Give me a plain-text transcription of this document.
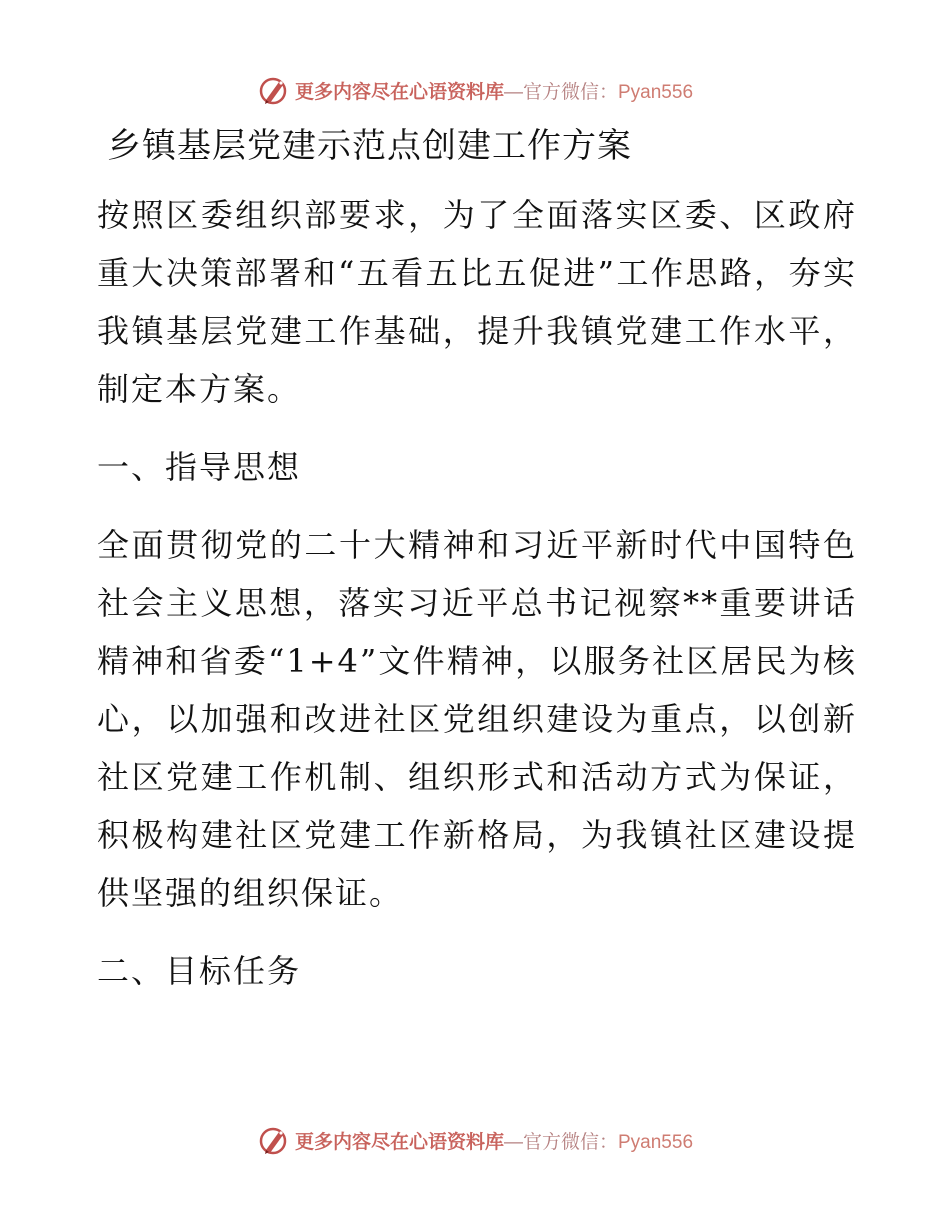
更多内容尽在心语资料库—官方微信：Pyan556
乡镇基层党建示范点创建工作方案

按照区委组织部要求，为了全面落实区委、区政府重大决策部署和“五看五比五促进”工作思路，夯实我镇基层党建工作基础，提升我镇党建工作水平，制定本方案。

一、指导思想

全面贯彻党的二十大精神和习近平新时代中国特色社会主义思想，落实习近平总书记视察**重要讲话精神和省委“1+4”文件精神，以服务社区居民为核心，以加强和改进社区党组织建设为重点，以创新社区党建工作机制、组织形式和活动方式为保证，积极构建社区党建工作新格局，为我镇社区建设提供坚强的组织保证。

二、目标任务
更多内容尽在心语资料库—官方微信：Pyan556
